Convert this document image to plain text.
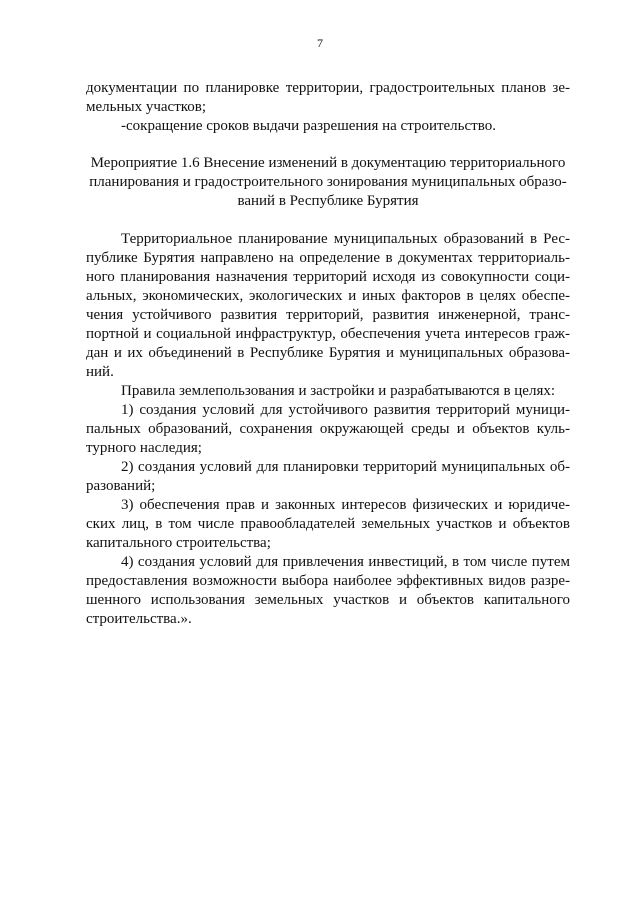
7
документации по планировке территории, градостроительных планов зе-
мельных участков;
-сокращение сроков выдачи разрешения на строительство.
Мероприятие 1.6 Внесение изменений в документацию территориального
планирования и градостроительного зонирования муниципальных образо-
ваний в Республике Бурятия
Территориальное планирование муниципальных образований в Рес-
публике Бурятия направлено на определение в документах территориаль-
ного планирования назначения территорий исходя из совокупности соци-
альных, экономических, экологических и иных факторов в целях обеспе-
чения устойчивого развития территорий, развития инженерной, транс-
портной и социальной инфраструктур, обеспечения учета интересов граж-
дан и их объединений в Республике Бурятия и муниципальных образова-
ний.
Правила землепользования и застройки и разрабатываются в целях:
1) создания условий для устойчивого развития территорий муници-
пальных образований, сохранения окружающей среды и объектов куль-
турного наследия;
2) создания условий для планировки территорий муниципальных об-
разований;
3) обеспечения прав и законных интересов физических и юридиче-
ских лиц, в том числе правообладателей земельных участков и объектов
капитального строительства;
4) создания условий для привлечения инвестиций, в том числе путем
предоставления возможности выбора наиболее эффективных видов разре-
шенного использования земельных участков и объектов капитального
строительства.».
